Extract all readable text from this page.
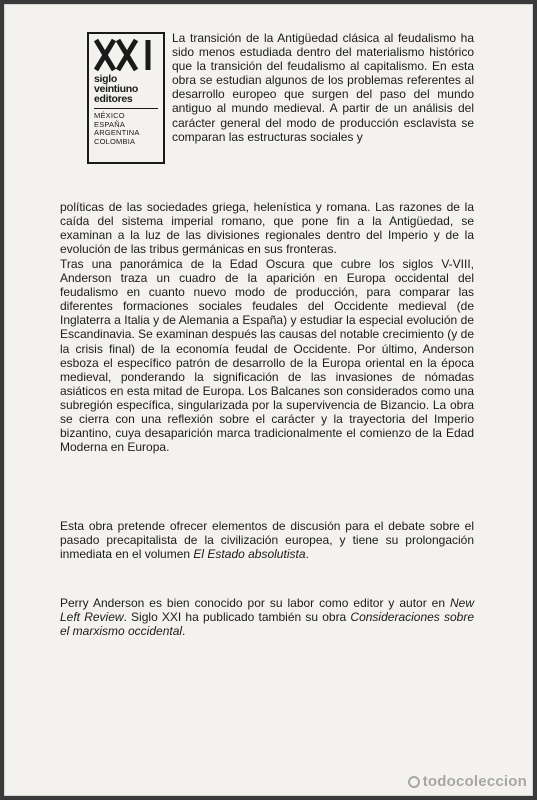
siglo
veintiuno
editores
MÉXICO
ESPAÑA
ARGENTINA
COLOMBIA

La transición de la Antigüedad clásica al feudalismo ha sido menos estudiada dentro del materialismo histórico que la transición del feudalismo al capitalismo. En esta obra se estudian algunos de los problemas referentes al desarrollo europeo que surgen del paso del mundo antiguo al mundo medieval. A partir de un análisis del carácter general del modo de producción esclavista se comparan las estructuras sociales y

políticas de las sociedades griega, helenística y romana. Las razones de la caída del sistema imperial romano, que pone fin a la Antigüedad, se examinan a la luz de las divisiones regionales dentro del Imperio y de la evolución de las tribus germánicas en sus fronteras.

Tras una panorámica de la Edad Oscura que cubre los siglos V-VIII, Anderson traza un cuadro de la aparición en Europa occidental del feudalismo en cuanto nuevo modo de producción, para comparar las diferentes formaciones sociales feudales del Occidente medieval (de Inglaterra a Italia y de Alemania a España) y estudiar la especial evolución de Escandinavia. Se examinan después las causas del notable crecimiento (y de la crisis final) de la economía feudal de Occidente. Por último, Anderson esboza el específico patrón de desarrollo de la Europa oriental en la época medieval, ponderando la significación de las invasiones de nómadas asiáticos en esta mitad de Europa. Los Balcanes son considerados como una subregión específica, singularizada por la supervivencia de Bizancio. La obra se cierra con una reflexión sobre el carácter y la trayectoria del Imperio bizantino, cuya desaparición marca tradicionalmente el comienzo de la Edad Moderna en Europa.

Esta obra pretende ofrecer elementos de discusión para el debate sobre el pasado precapitalista de la civilización europea, y tiene su prolongación inmediata en el volumen El Estado absolutista.

Perry Anderson es bien conocido por su labor como editor y autor en New Left Review. Siglo XXI ha publicado también su obra Consideraciones sobre el marxismo occidental.

todocoleccion
